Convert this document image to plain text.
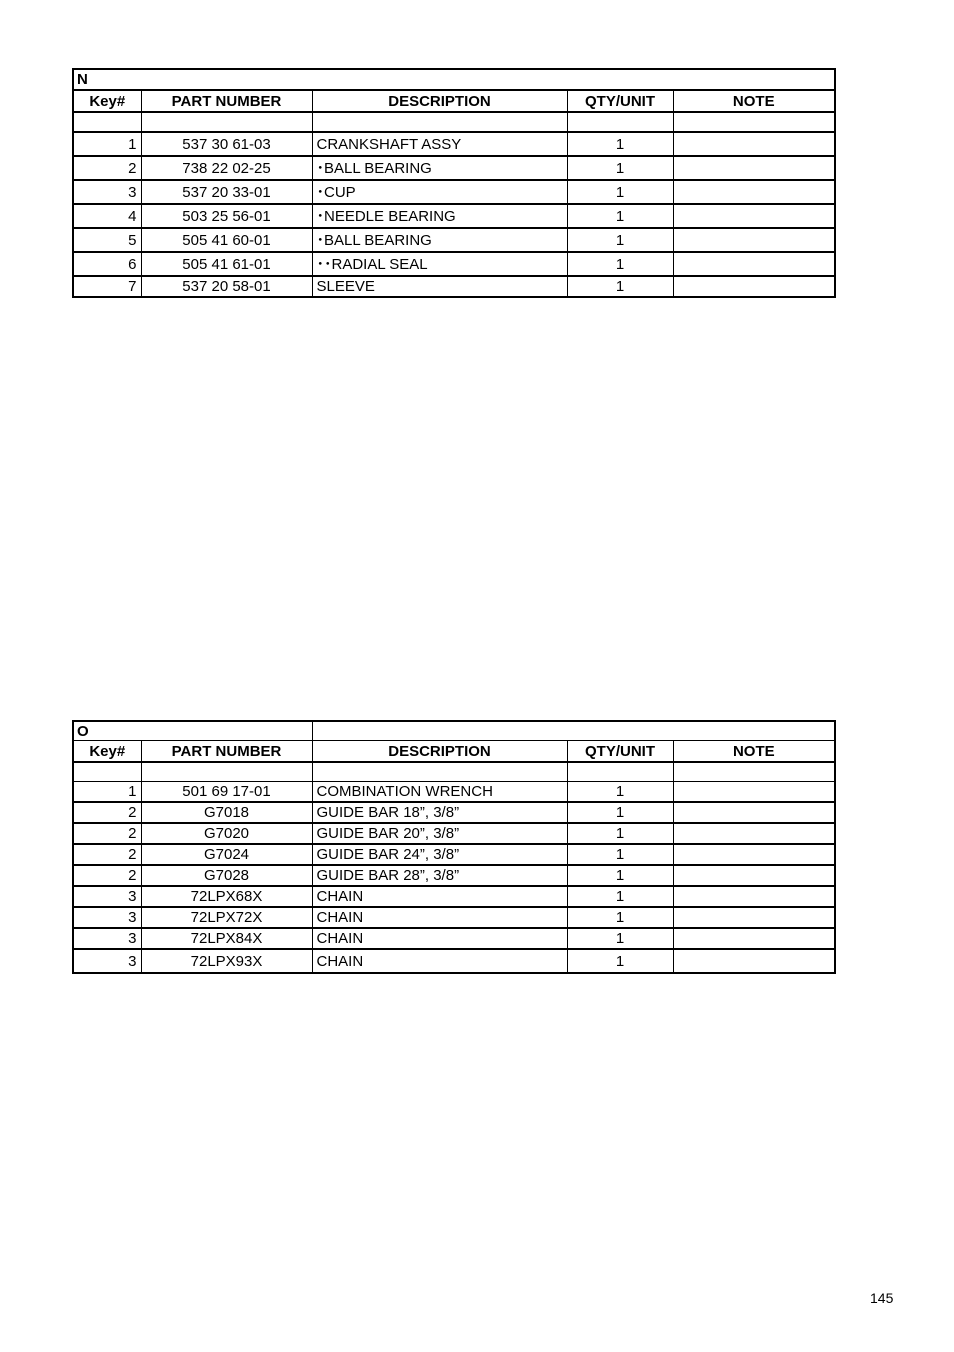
N				
Key#	PART NUMBER	DESCRIPTION	QTY/UNIT	NOTE

1	537 30 61-03	CRANKSHAFT ASSY	1	
2	738 22 02-25	･BALL BEARING	1	
3	537 20 33-01	･CUP	1	
4	503 25 56-01	･NEEDLE BEARING	1	
5	505 41 60-01	･BALL BEARING	1	
6	505 41 61-01	･･RADIAL SEAL	1	
7	537 20 58-01	SLEEVE	1	
O				
Key#	PART NUMBER	DESCRIPTION	QTY/UNIT	NOTE

1	501 69 17-01	COMBINATION WRENCH	1	
2	G7018	GUIDE BAR 18”, 3/8”	1	
2	G7020	GUIDE BAR 20”, 3/8”	1	
2	G7024	GUIDE BAR 24”, 3/8”	1	
2	G7028	GUIDE BAR 28”, 3/8”	1	
3	72LPX68X	CHAIN	1	
3	72LPX72X	CHAIN	1	
3	72LPX84X	CHAIN	1	
3	72LPX93X	CHAIN	1	
145
